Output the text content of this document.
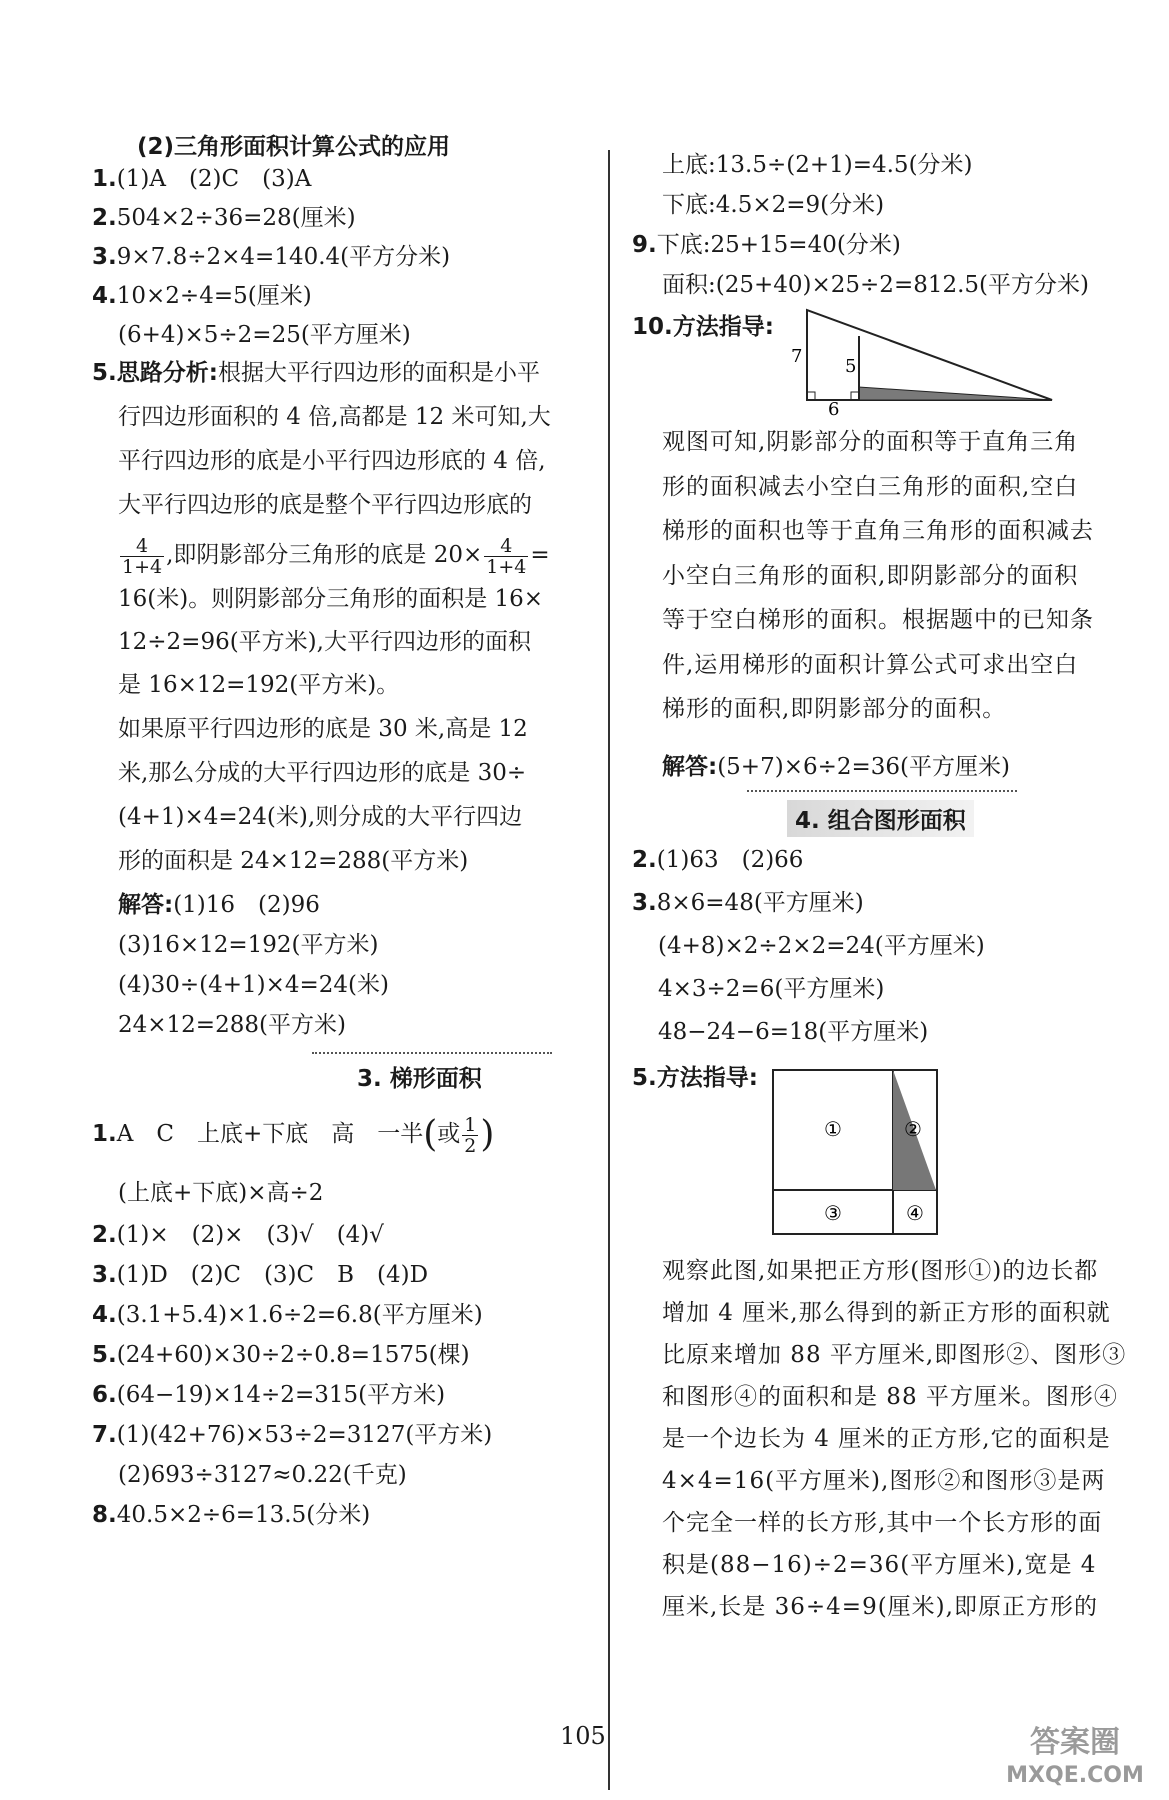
(2)三角形面积计算公式的应用
1.(1)A　(2)C　(3)A
2.504×2÷36=28(厘米)
3.9×7.8÷2×4=140.4(平方分米)
4.10×2÷4=5(厘米)
(6+4)×5÷2=25(平方厘米)
5.思路分析:根据大平行四边形的面积是小平
行四边形面积的 4 倍,高都是 12 米可知,大
平行四边形的底是小平行四边形底的 4 倍,
大平行四边形的底是整个平行四边形底的
$\frac{4}{1+4}$ ,即阴影部分三角形的底是 $20\times \frac{4}{1+4}$ =
16(米)。则阴影部分三角形的面积是 16×
12÷2=96(平方米),大平行四边形的面积
是 16×12=192(平方米)。
如果原平行四边形的底是 30 米,高是 12
米,那么分成的大平行四边形的底是 30÷
(4+1)×4=24(米),则分成的大平行四边
形的面积是 24×12=288(平方米)
解答:(1)16　(2)96
(3)16×12=192(平方米)
(4)30÷(4+1)×4=24(米)
24×12=288(平方米)
3. 梯形面积
1.A　C　上底+下底　高　一半(或 $\frac{1}{2}$ )
(上底+下底)×高÷2
2.(1)×　(2)×　(3)√　(4)√
3.(1)D　(2)C　(3)C　B　(4)D
4.(3.1+5.4)×1.6÷2=6.8(平方厘米)
5.(24+60)×30÷2÷0.8=1575(棵)
6.(64−19)×14÷2=315(平方米)
7.(1)(42+76)×53÷2=3127(平方米)
(2)693÷3127≈0.22(千克)
8.40.5×2÷6=13.5(分米)
上底:13.5÷(2+1)=4.5(分米)
下底:4.5×2=9(分米)
9.下底:25+15=40(分米)
面积:(25+40)×25÷2=812.5(平方分米)
10.方法指导:
7 5
6
观图可知,阴影部分的面积等于直角三角
形的面积减去小空白三角形的面积,空白
梯形的面积也等于直角三角形的面积减去
小空白三角形的面积,即阴影部分的面积
等于空白梯形的面积。根据题中的已知条
件,运用梯形的面积计算公式可求出空白
梯形的面积,即阴影部分的面积。
解答:(5+7)×6÷2=36(平方厘米)
4. 组合图形面积
2.(1)63　(2)66
3.8×6=48(平方厘米)
(4+8)×2÷2×2=24(平方厘米)
4×3÷2=6(平方厘米)
48−24−6=18(平方厘米)
5.方法指导:
①	②
③	④
观察此图,如果把正方形(图形①)的边长都
增加 4 厘米,那么得到的新正方形的面积就
比原来增加 88 平方厘米,即图形②、图形③
和图形④的面积和是 88 平方厘米。图形④
是一个边长为 4 厘米的正方形,它的面积是
4×4=16(平方厘米),图形②和图形③是两
个完全一样的长方形,其中一个长方形的面
积是(88−16)÷2=36(平方厘米),宽是 4
厘米,长是 36÷4=9(厘米),即原正方形的
105	答案圈
MXQE.COM
